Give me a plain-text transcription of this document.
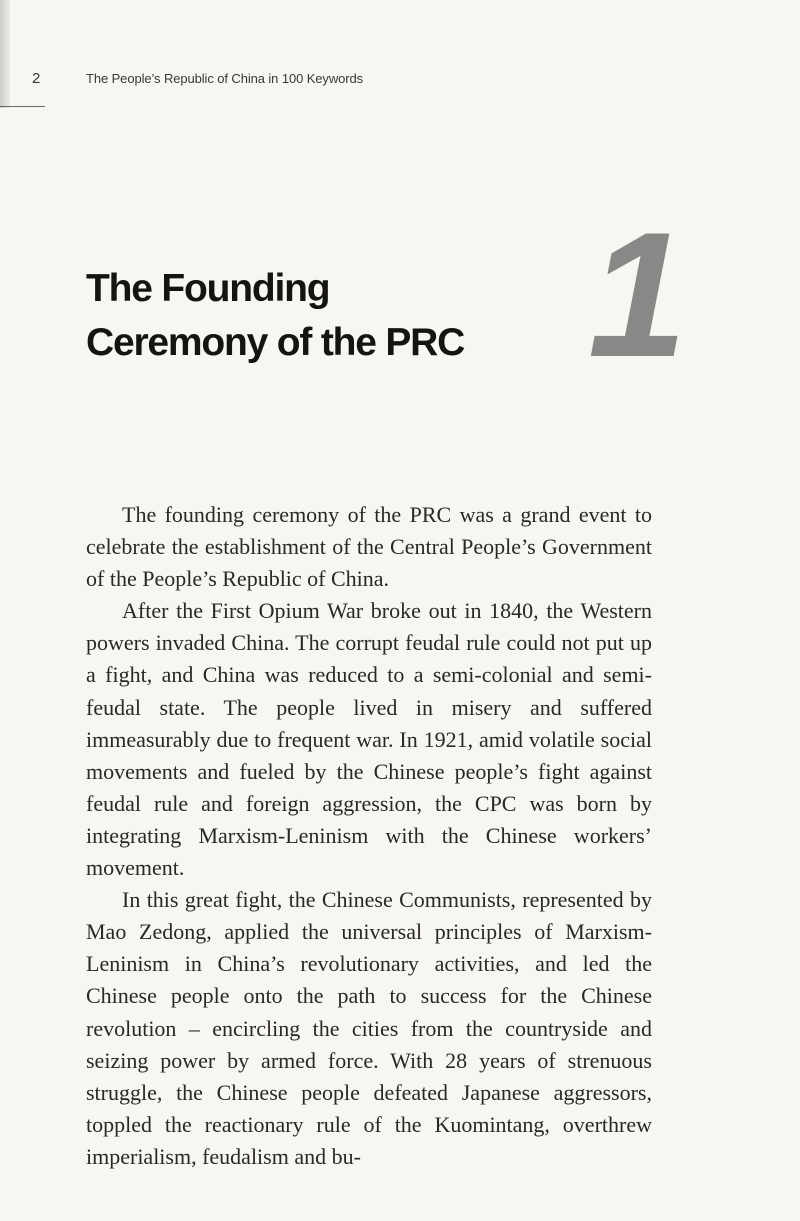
2	The People’s Republic of China in 100 Keywords
The Founding
Ceremony of the PRC 1

The founding ceremony of the PRC was a grand event to celebrate the establishment of the Central People’s Government of the People’s Republic of China.

After the First Opium War broke out in 1840, the Western powers invaded China. The corrupt feudal rule could not put up a fight, and China was reduced to a semi-colonial and semi-feudal state. The people lived in misery and suffered immeasurably due to frequent war. In 1921, amid volatile social movements and fueled by the Chinese people’s fight against feudal rule and foreign aggression, the CPC was born by integrating Marxism-Leninism with the Chinese workers’ movement.

In this great fight, the Chinese Communists, represented by Mao Zedong, applied the universal principles of Marxism-Leninism in China’s revolutionary activities, and led the Chinese people onto the path to success for the Chinese revolution – encircling the cities from the countryside and seizing power by armed force. With 28 years of strenuous struggle, the Chinese people defeated Japanese aggressors, toppled the reactionary rule of the Kuomintang, overthrew imperialism, feudalism and bu-
